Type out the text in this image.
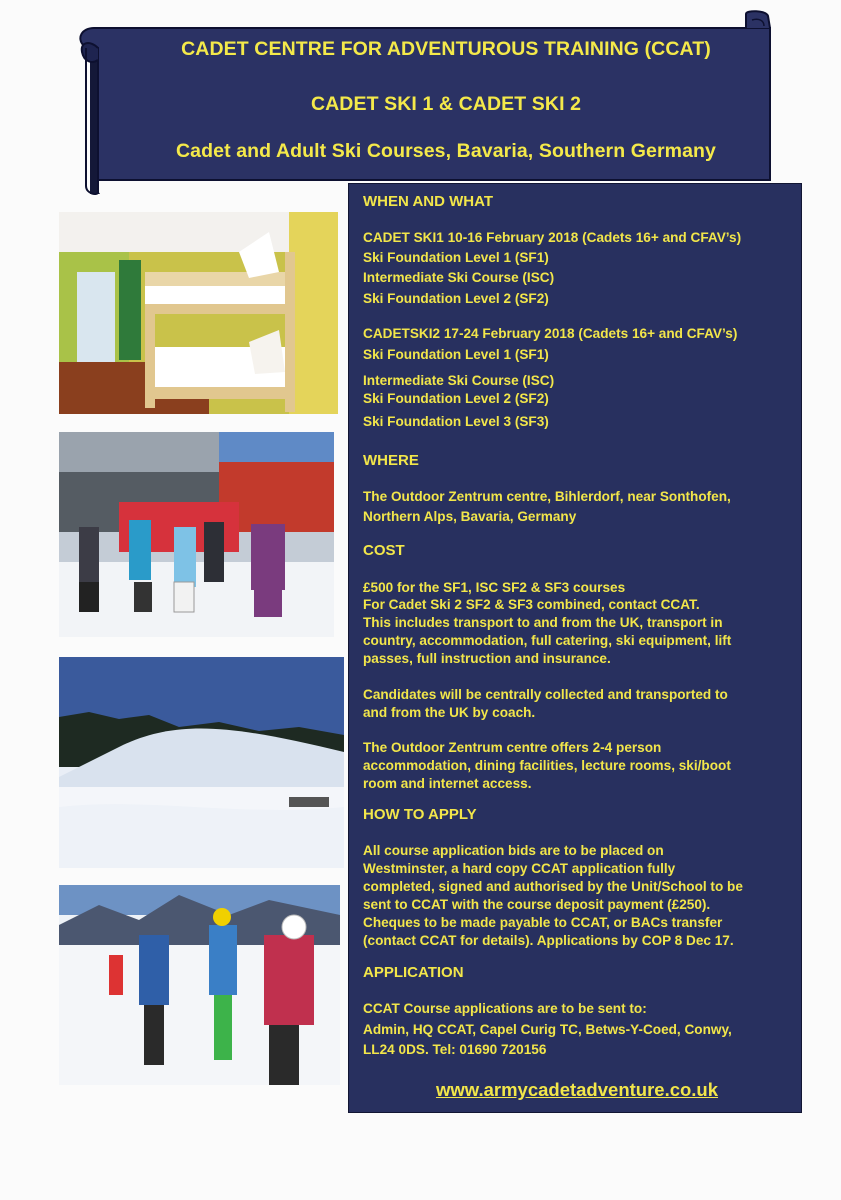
CADET CENTRE FOR ADVENTUROUS TRAINING (CCAT)
CADET SKI 1 & CADET SKI 2
Cadet and Adult Ski Courses, Bavaria, Southern Germany
WHEN AND WHAT
CADET SKI1 10-16 February 2018 (Cadets 16+ and CFAV’s)
Ski Foundation Level 1 (SF1)
Intermediate Ski Course (ISC)
Ski Foundation Level 2 (SF2)
CADETSKI2 17-24 February 2018 (Cadets 16+ and CFAV’s)
Ski Foundation Level 1 (SF1)
Intermediate Ski Course (ISC)
Ski Foundation Level 2 (SF2)
Ski Foundation Level 3 (SF3)
WHERE
The Outdoor Zentrum centre, Bihlerdorf, near Sonthofen,
Northern Alps, Bavaria, Germany
COST
£500 for the SF1, ISC SF2 & SF3 courses
For Cadet Ski 2 SF2 & SF3 combined, contact CCAT.
This includes transport to and from the UK, transport in
country, accommodation, full catering, ski equipment, lift
passes, full instruction and insurance.
Candidates will be centrally collected and transported to
and from the UK by coach.
The Outdoor Zentrum centre offers 2-4 person
accommodation, dining facilities, lecture rooms, ski/boot
room and internet access.
HOW TO APPLY
All course application bids are to be placed on
Westminster, a hard copy CCAT application fully
completed, signed and authorised by the Unit/School to be
sent to CCAT with the course deposit payment (£250).
Cheques to be made payable to CCAT, or BACs transfer
(contact CCAT for details). Applications by COP 8 Dec 17.
APPLICATION
CCAT Course applications are to be sent to:
Admin, HQ CCAT, Capel Curig TC, Betws-Y-Coed, Conwy,
LL24 0DS. Tel: 01690 720156
www.armycadetadventure.co.uk
